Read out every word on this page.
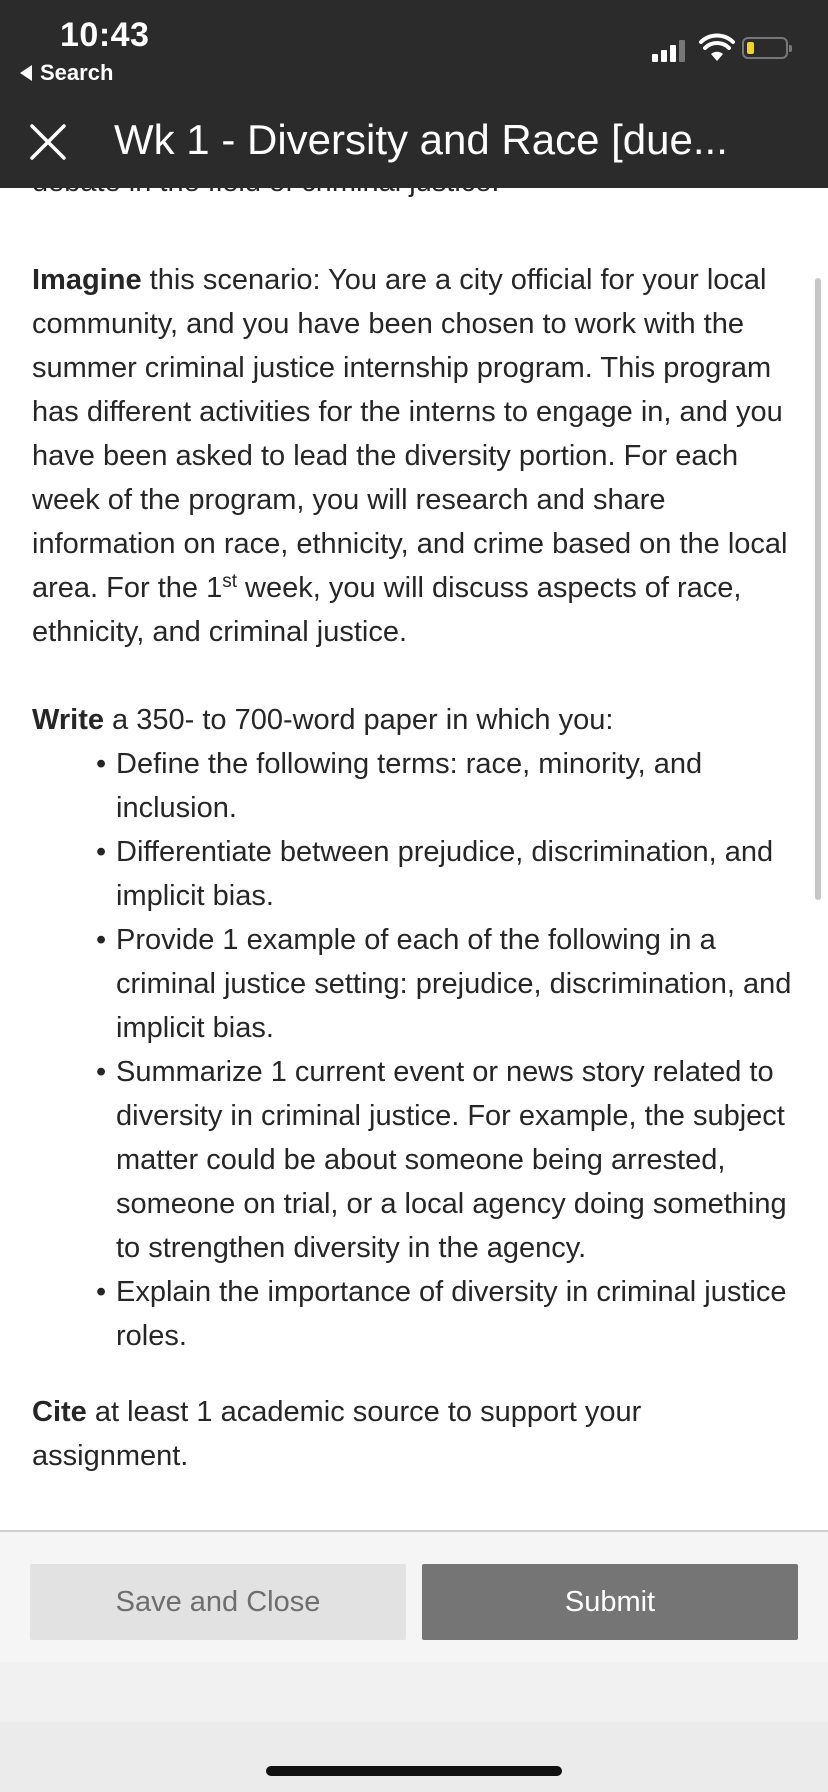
10:43
Search
Wk 1 - Diversity and Race [due...

Imagine this scenario: You are a city official for your local community, and you have been chosen to work with the summer criminal justice internship program. This program has different activities for the interns to engage in, and you have been asked to lead the diversity portion. For each week of the program, you will research and share information on race, ethnicity, and crime based on the local area. For the 1st week, you will discuss aspects of race, ethnicity, and criminal justice.

Write a 350- to 700-word paper in which you:

• Define the following terms: race, minority, and inclusion.
• Differentiate between prejudice, discrimination, and implicit bias.
• Provide 1 example of each of the following in a criminal justice setting: prejudice, discrimination, and implicit bias.
• Summarize 1 current event or news story related to diversity in criminal justice. For example, the subject matter could be about someone being arrested, someone on trial, or a local agency doing something to strengthen diversity in the agency.
• Explain the importance of diversity in criminal justice roles.

Cite at least 1 academic source to support your assignment.

Save and Close	Submit
